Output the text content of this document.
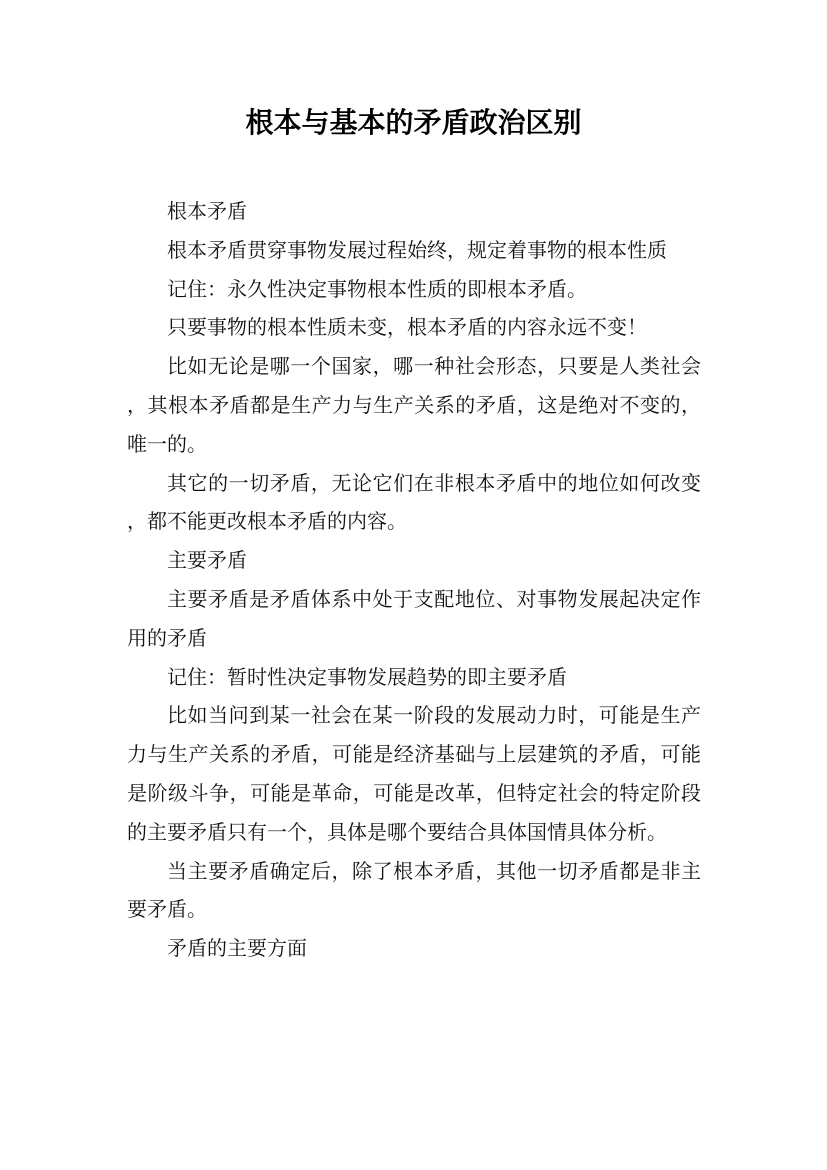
根本与基本的矛盾政治区别

根本矛盾

根本矛盾贯穿事物发展过程始终，规定着事物的根本性质

记住：永久性决定事物根本性质的即根本矛盾。

只要事物的根本性质未变，根本矛盾的内容永远不变！

比如无论是哪一个国家，哪一种社会形态，只要是人类社会，其根本矛盾都是生产力与生产关系的矛盾，这是绝对不变的，唯一的。

其它的一切矛盾，无论它们在非根本矛盾中的地位如何改变，都不能更改根本矛盾的内容。

主要矛盾

主要矛盾是矛盾体系中处于支配地位、对事物发展起决定作用的矛盾

记住：暂时性决定事物发展趋势的即主要矛盾

比如当问到某一社会在某一阶段的发展动力时，可能是生产力与生产关系的矛盾，可能是经济基础与上层建筑的矛盾，可能是阶级斗争，可能是革命，可能是改革，但特定社会的特定阶段的主要矛盾只有一个，具体是哪个要结合具体国情具体分析。

当主要矛盾确定后，除了根本矛盾，其他一切矛盾都是非主要矛盾。

矛盾的主要方面
